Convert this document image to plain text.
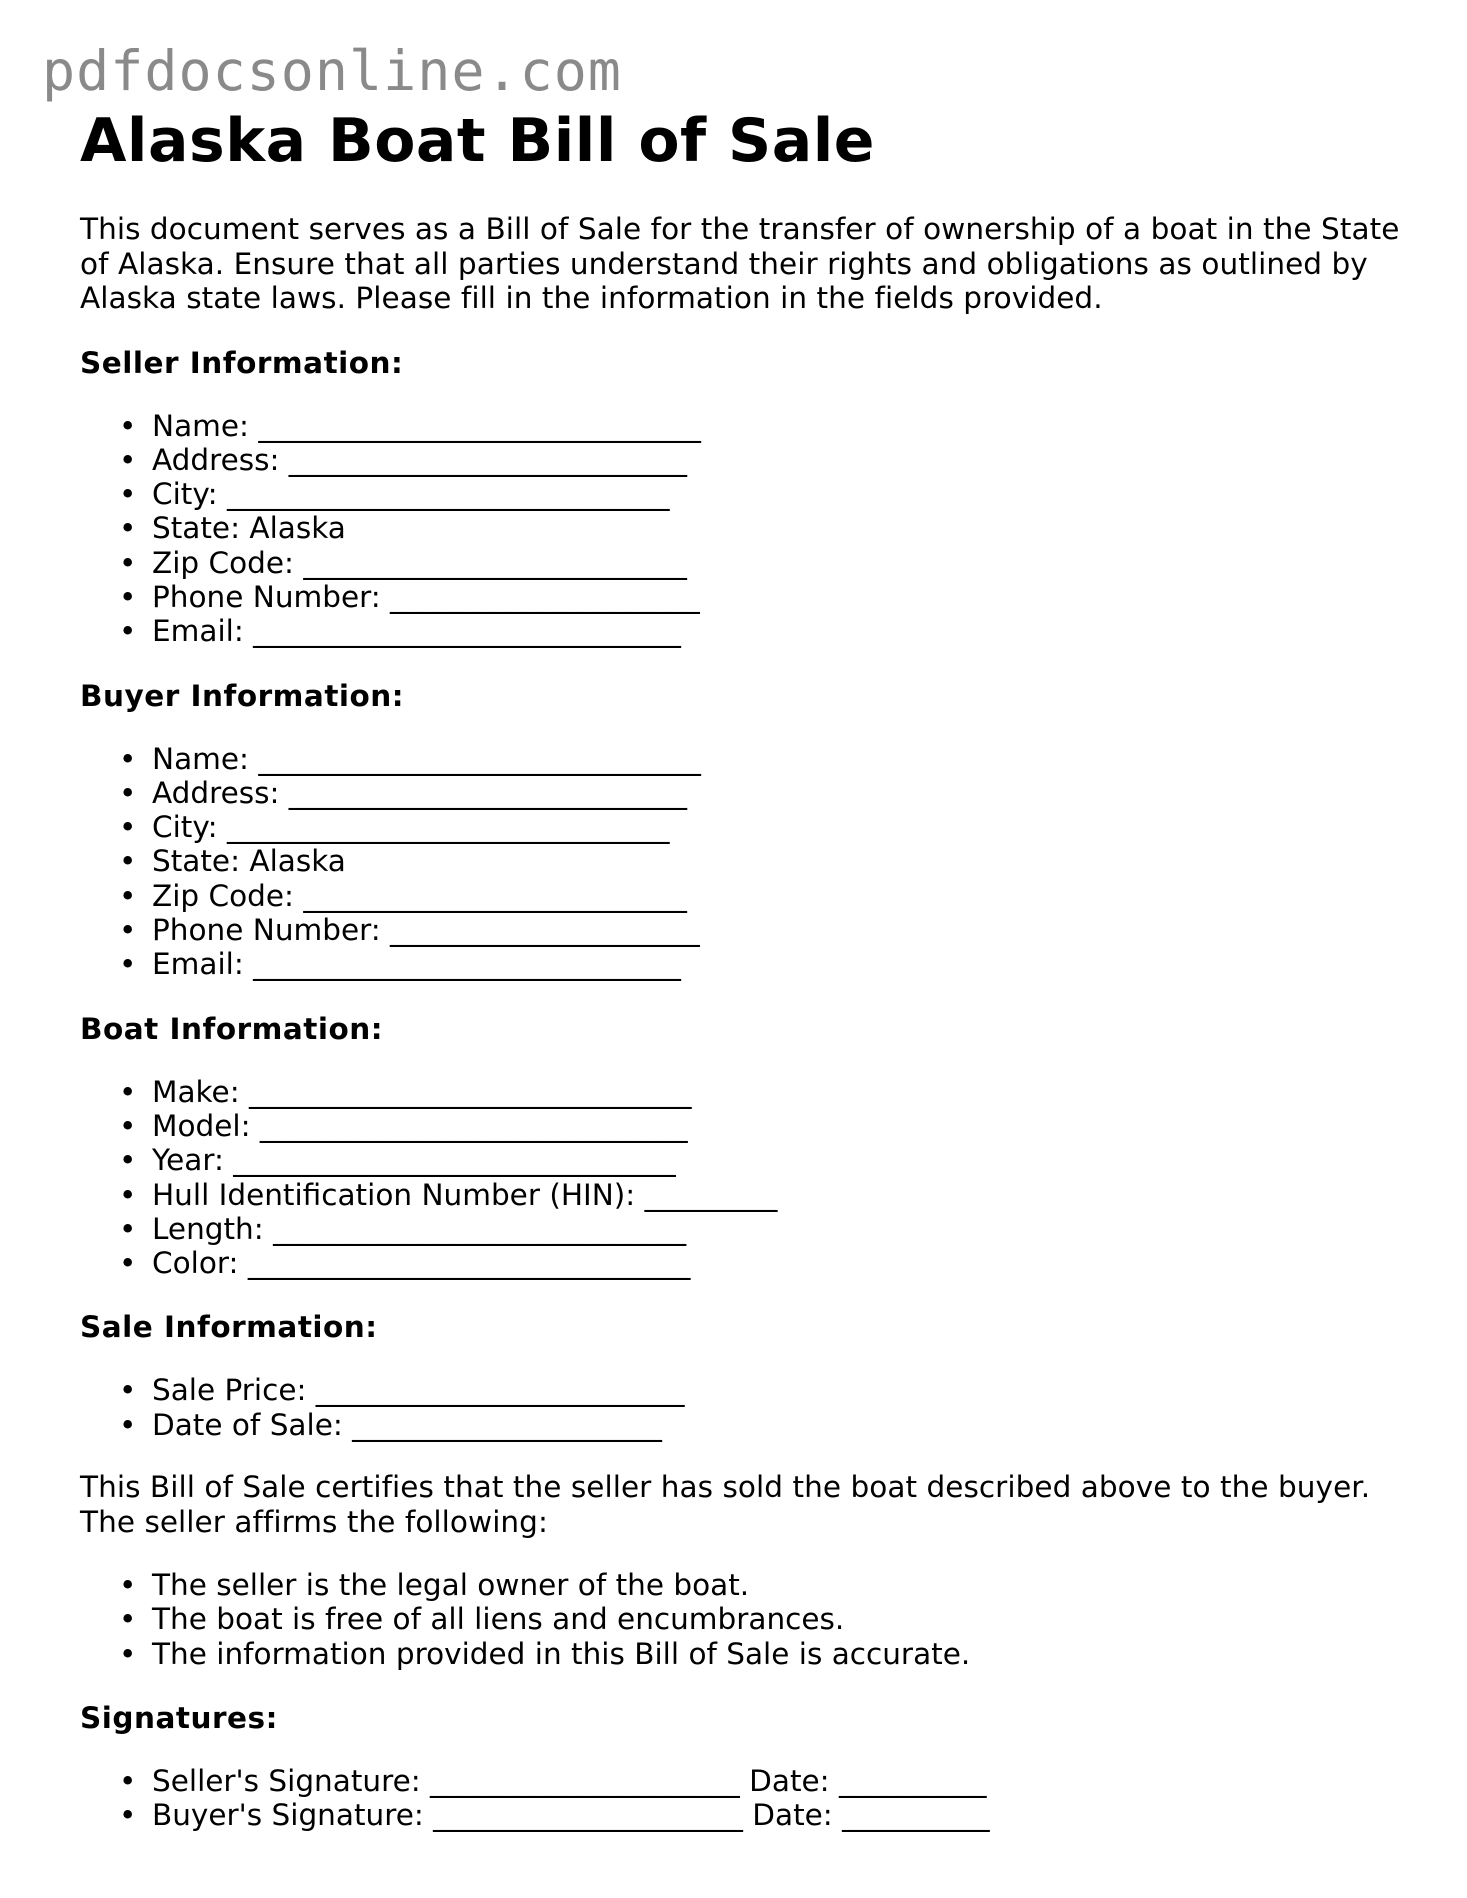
pdfdocsonline.com
Alaska Boat Bill of Sale

This document serves as a Bill of Sale for the transfer of ownership of a boat in the State of Alaska. Ensure that all parties understand their rights and obligations as outlined by Alaska state laws. Please fill in the information in the fields provided.

Seller Information:
• Name: ______________________________
• Address: ___________________________
• City: ______________________________
• State: Alaska
• Zip Code: __________________________
• Phone Number: _____________________
• Email: _____________________________
Buyer Information:
• Name: ______________________________
• Address: ___________________________
• City: ______________________________
• State: Alaska
• Zip Code: __________________________
• Phone Number: _____________________
• Email: _____________________________
Boat Information:
• Make: ______________________________
• Model: _____________________________
• Year: ______________________________
• Hull Identification Number (HIN): _________
• Length: ____________________________
• Color: ______________________________
Sale Information:
• Sale Price: _________________________
• Date of Sale: _____________________

This Bill of Sale certifies that the seller has sold the boat described above to the buyer. The seller affirms the following:

• The seller is the legal owner of the boat.
• The boat is free of all liens and encumbrances.
• The information provided in this Bill of Sale is accurate.
Signatures:
• Seller's Signature: _____________________ Date: __________
• Buyer's Signature: _____________________ Date: __________
